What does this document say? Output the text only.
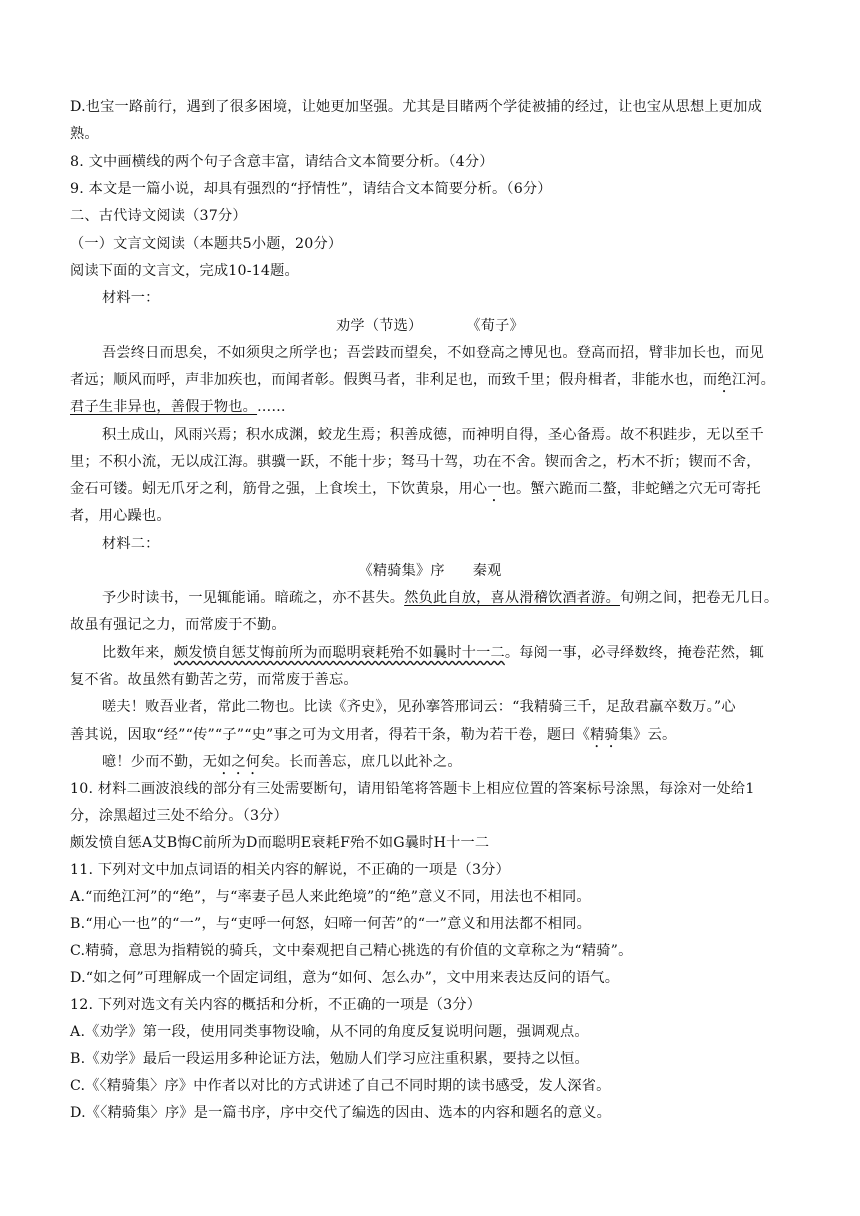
D.也宝一路前行，遇到了很多困境，让她更加坚强。尤其是目睹两个学徒被捕的经过，让也宝从思想上更加成
熟。
8. 文中画横线的两个句子含意丰富，请结合文本简要分析。（4分）
9. 本文是一篇小说，却具有强烈的“抒情性”，请结合文本简要分析。（6分）
二、古代诗文阅读（37分）
（一）文言文阅读（本题共5小题，20分）
阅读下面的文言文，完成10-14题。
材料一：
劝学（节选）	《荀子》
吾尝终日而思矣，不如须臾之所学也；吾尝跂而望矣，不如登高之博见也。登高而招，臂非加长也，而见
者远；顺风而呼，声非加疾也，而闻者彰。假舆马者，非利足也，而致千里；假舟楫者，非能水也，而绝江河。
君子生非异也，善假于物也。……
积土成山，风雨兴焉；积水成渊，蛟龙生焉；积善成德，而神明自得，圣心备焉。故不积跬步，无以至千
里；不积小流，无以成江海。骐骥一跃，不能十步；驽马十驾，功在不舍。锲而舍之，朽木不折；锲而不舍，
金石可镂。蚓无爪牙之利，筋骨之强，上食埃土，下饮黄泉，用心一也。蟹六跪而二螯，非蛇鳝之穴无可寄托
者，用心躁也。
材料二：
《精骑集》序 秦观
予少时读书，一见辄能诵。暗疏之，亦不甚失。然负此自放，喜从滑稽饮酒者游。旬朔之间，把卷无几日。
故虽有强记之力，而常废于不勤。
比数年来，颇发愤自惩艾悔前所为而聪明衰耗殆不如曩时十一二。每阅一事，必寻绎数终，掩卷茫然，辄
复不省。故虽然有勤苦之劳，而常废于善忘。
嗟夫！败吾业者，常此二物也。比读《齐史》，见孙搴答邢词云：“我精骑三千，足敌君羸卒数万。”心
善其说，因取“经”“传”“子”“史”事之可为文用者，得若干条，勒为若干卷，题曰《精骑集》云。
噫！少而不勤，无如之何矣。长而善忘，庶几以此补之。
10. 材料二画波浪线的部分有三处需要断句，请用铅笔将答题卡上相应位置的答案标号涂黑，每涂对一处给1
分，涂黑超过三处不给分。（3分）
颇发愤自惩A艾B悔C前所为D而聪明E衰耗F殆不如G曩时H十一二
11. 下列对文中加点词语的相关内容的解说，不正确的一项是（3分）
A.“而绝江河”的“绝”，与“率妻子邑人来此绝境”的“绝”意义不同，用法也不相同。
B.“用心一也”的“一”，与“吏呼一何怒，妇啼一何苦”的“一”意义和用法都不相同。
C.精骑，意思为指精锐的骑兵，文中秦观把自己精心挑选的有价值的文章称之为“精骑”。
D.“如之何”可理解成一个固定词组，意为“如何、怎么办”，文中用来表达反问的语气。
12. 下列对选文有关内容的概括和分析，不正确的一项是（3分）
A.《劝学》第一段，使用同类事物设喻，从不同的角度反复说明问题，强调观点。
B.《劝学》最后一段运用多种论证方法，勉励人们学习应注重积累，要持之以恒。
C.《〈精骑集〉序》中作者以对比的方式讲述了自己不同时期的读书感受，发人深省。
D.《〈精骑集〉序》是一篇书序，序中交代了编选的因由、选本的内容和题名的意义。
